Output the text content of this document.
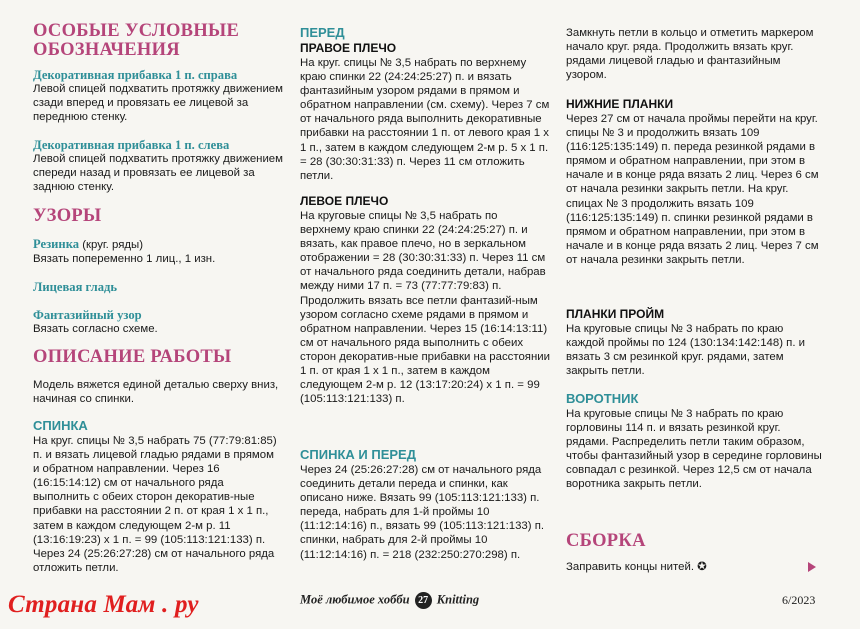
ОСОБЫЕ УСЛОВНЫЕ
ОБОЗНАЧЕНИЯ

Декоративная прибавка 1 п. справа

Левой спицей подхватить протяжку движением сзади вперед и провязать ее лицевой за переднюю стенку.

Декоративная прибавка 1 п. слева

Левой спицей подхватить протяжку движением спереди назад и провязать ее лицевой за заднюю стенку.

УЗОРЫ

Резинка (круг. ряды)

Вязать попеременно 1 лиц., 1 изн.

Лицевая гладь

Фантазийный узор

Вязать согласно схеме.

ОПИСАНИЕ РАБОТЫ
Модель вяжется единой деталью сверху вниз, начиная со спинки.
СПИНКА
На круг. спицы № 3,5 набрать 75 (77:79:81:85) п. и вязать лицевой гладью рядами в прямом и обратном направлении. Через 16 (16:15:14:12) см от начального ряда выполнить с обеих сторон декоратив-ные прибавки на расстоянии 2 п. от края 1 х 1 п., затем в каждом следующем 2-м р. 11 (13:16:19:23) х 1 п. = 99 (105:113:121:133) п. Через 24 (25:26:27:28) см от начального ряда отложить петли.
ПЕРЕД
ПРАВОЕ ПЛЕЧО
На круг. спицы № 3,5 набрать по верхнему краю спинки 22 (24:24:25:27) п. и вязать фантазийным узором рядами в прямом и обратном направлении (см. схему). Через 7 см от начального ряда выполнить декоративные прибавки на расстоянии 1 п. от левого края 1 х 1 п., затем в каждом следующем 2-м р. 5 х 1 п. = 28 (30:30:31:33) п. Через 11 см отложить петли.
ЛЕВОЕ ПЛЕЧО
На круговые спицы № 3,5 набрать по верхнему краю спинки 22 (24:24:25:27) п. и вязать, как правое плечо, но в зеркальном отображении = 28 (30:30:31:33) п. Через 11 см от начального ряда соединить детали, набрав между ними 17 п. = 73 (77:77:79:83) п. Продолжить вязать все петли фантазий-ным узором согласно схеме рядами в прямом и обратном направлении. Через 15 (16:14:13:11) см от начального ряда выполнить с обеих сторон декоратив-ные прибавки на расстоянии 1 п. от края 1 х 1 п., затем в каждом следующем 2-м р. 12 (13:17:20:24) х 1 п. = 99 (105:113:121:133) п.
СПИНКА И ПЕРЕД
Через 24 (25:26:27:28) см от начального ряда соединить детали переда и спинки, как описано ниже. Вязать 99 (105:113:121:133) п. переда, набрать для 1-й проймы 10 (11:12:14:16) п., вязать 99 (105:113:121:133) п. спинки, набрать для 2-й проймы 10 (11:12:14:16) п. = 218 (232:250:270:298) п.
Замкнуть петли в кольцо и отметить маркером начало круг. ряда. Продолжить вязать круг. рядами лицевой гладью и фантазийным узором.
НИЖНИЕ ПЛАНКИ
Через 27 см от начала проймы перейти на круг. спицы № 3 и продолжить вязать 109 (116:125:135:149) п. переда резинкой рядами в прямом и обратном направлении, при этом в начале и в конце ряда вязать 2 лиц. Через 6 см от начала резинки закрыть петли. На круг. спицах № 3 продолжить вязать 109 (116:125:135:149) п. спинки резинкой рядами в прямом и обратном направлении, при этом в начале и в конце ряда вязать 2 лиц. Через 7 см от начала резинки закрыть петли.
ПЛАНКИ ПРОЙМ
На круговые спицы № 3 набрать по краю каждой проймы по 124 (130:134:142:148) п. и вязать 3 см резинкой круг. рядами, затем закрыть петли.
ВОРОТНИК
На круговые спицы № 3 набрать по краю горловины 114 п. и вязать резинкой круг. рядами. Распределить петли таким образом, чтобы фантазийный узор в середине горловины совпадал с резинкой. Через 12,5 см от начала воротника закрыть петли.
СБОРКА
Заправить концы нитей. ✪
Моё любимое хобби 27 Knitting	6/2023
Страна Мам . ру
